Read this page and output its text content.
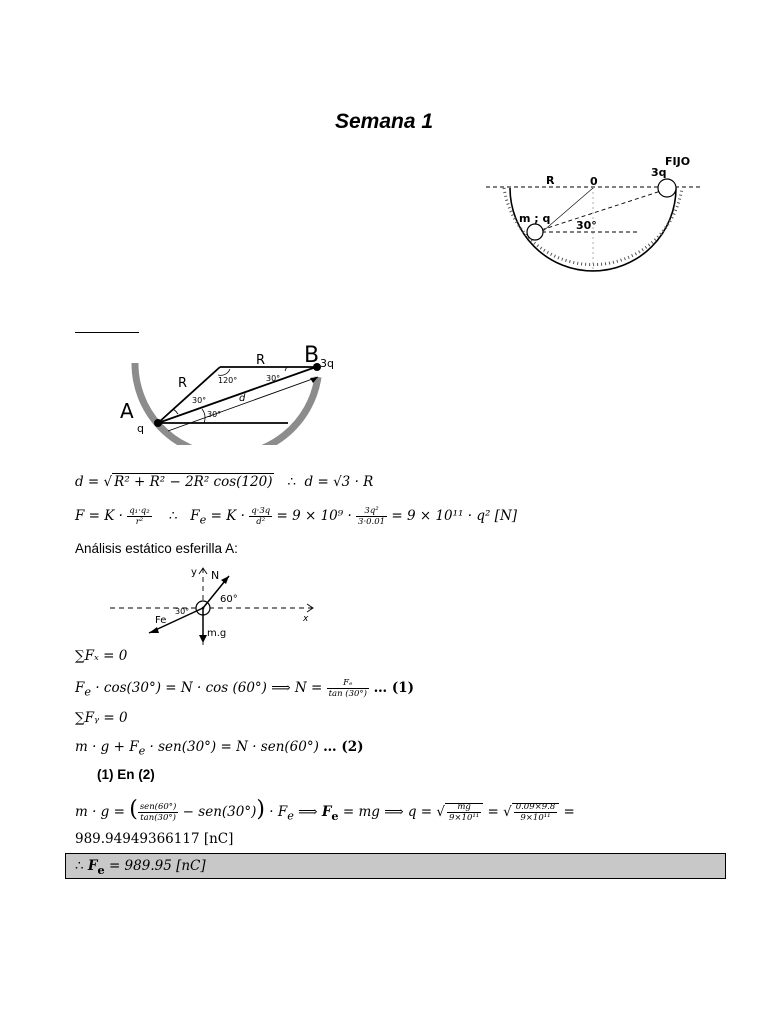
Semana 1
FIJO
3q
R	0
m ; q
30°
B 3q
A
q
R
R	120°	30°
30°
30°
d
d = √ R² + R² − 2R² cos(120) ∴ d = √3 · R
$F = K \cdot \frac{\text{q₁·q₂}}{\text{r²}}$ ∴ $F_e = K \cdot \frac{q\cdot 3q}{\text{d²}} = 9 \times 10^9 \cdot \frac{\text{3q²}}{3\cdot 0.01} = 9 \times 10^{11} \cdot q^2$ [N]
Análisis estático esferilla A:
y N
60°
30°
Fe
m.g
x
∑Fₓ = 0
$F_e \cdot \cos(30^\circ) = N \cdot \cos (60^\circ)$ ⟹ $N = \frac{\text{Fₑ}}{\tan (30^\circ)}$ … (1)
∑Fᵧ = 0
$m \cdot g + F_e \cdot sen(30^\circ) = N \cdot sen(60^\circ)$ … (2)
(1) En (2)
m · g = ( $\frac{\text{sen(60°)}}{\tan(30^\circ)} - sen(30^\circ)) \cdot F_e$ ⟹ $F_e$ = mg ⟹ q = √ $\frac{mg}{\text{9×10¹¹}}$ = √ $\frac{0.09\times 9.8}{\text{9×10¹¹}}$ =
989.94949366117 [nC]
∴ $F_e = 989.95$ [nC]
